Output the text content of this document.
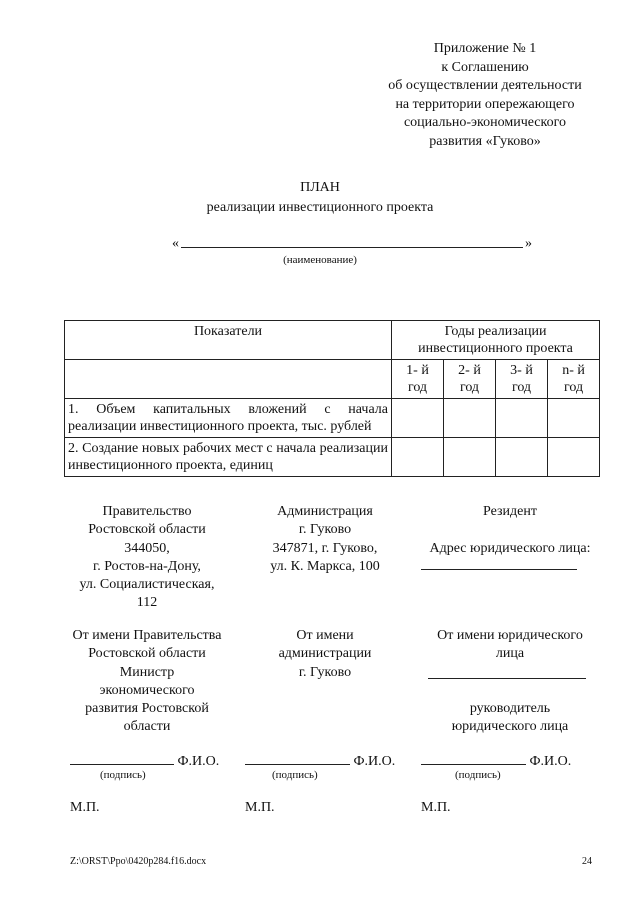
Приложение № 1
к Соглашению
об осуществлении деятельности
на территории опережающего
социально-экономического
развития «Гуково»
ПЛАН
реализации инвестиционного проекта
«	»
(наименование)
Показатели	Годы реализации инвестиционного проекта			
	1- й год	2- й год	3- й год	n- й год
1. Объем капитальных вложений с начала реализации инвестиционного проекта, тыс. рублей				
2. Создание новых рабочих мест с начала реализации инвестиционного проекта, единиц				
Правительство
Ростовской области
344050,
г. Ростов-на-Дону,
ул. Социалистическая,
112
От имени Правительства
Ростовской области
Министр
экономического
развития Ростовской
области
Администрация
г. Гуково
347871, г. Гуково,
ул. К. Маркса, 100
От имени
администрации
г. Гуково
Резидент
Адрес юридического лица:
От имени юридического
лица
руководитель
юридического лица
Ф.И.О.
(подпись)
Ф.И.О.
(подпись)
Ф.И.О.
(подпись)
М.П.	М.П.	М.П.
Z:\ORST\Ppo\0420p284.f16.docx	24
